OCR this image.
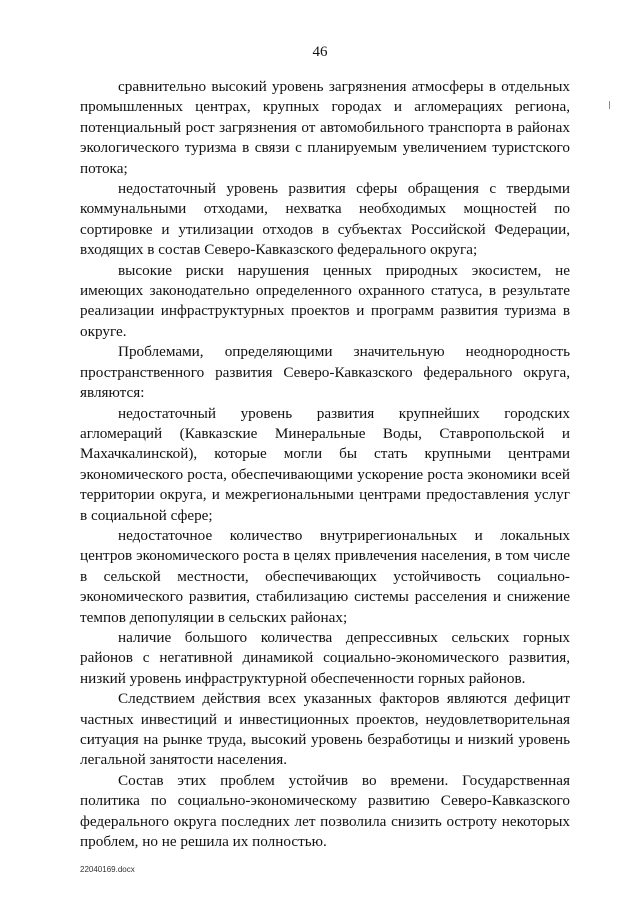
46

сравнительно высокий уровень загрязнения атмосферы в отдельных промышленных центрах, крупных городах и агломерациях региона, потенциальный рост загрязнения от автомобильного транспорта в районах экологического туризма в связи с планируемым увеличением туристского потока;

недостаточный уровень развития сферы обращения с твердыми коммунальными отходами, нехватка необходимых мощностей по сортировке и утилизации отходов в субъектах Российской Федерации, входящих в состав Северо-Кавказского федерального округа;

высокие риски нарушения ценных природных экосистем, не имеющих законодательно определенного охранного статуса, в результате реализации инфраструктурных проектов и программ развития туризма в округе.

Проблемами, определяющими значительную неоднородность пространственного развития Северо-Кавказского федерального округа, являются:

недостаточный уровень развития крупнейших городских агломераций (Кавказские Минеральные Воды, Ставропольской и Махачкалинской), которые могли бы стать крупными центрами экономического роста, обеспечивающими ускорение роста экономики всей территории округа, и межрегиональными центрами предоставления услуг в социальной сфере;

недостаточное количество внутрирегиональных и локальных центров экономического роста в целях привлечения населения, в том числе в сельской местности, обеспечивающих устойчивость социально-экономического развития, стабилизацию системы расселения и снижение темпов депопуляции в сельских районах;

наличие большого количества депрессивных сельских горных районов с негативной динамикой социально-экономического развития, низкий уровень инфраструктурной обеспеченности горных районов.

Следствием действия всех указанных факторов являются дефицит частных инвестиций и инвестиционных проектов, неудовлетворительная ситуация на рынке труда, высокий уровень безработицы и низкий уровень легальной занятости населения.

Состав этих проблем устойчив во времени. Государственная политика по социально-экономическому развитию Северо-Кавказского федерального округа последних лет позволила снизить остроту некоторых проблем, но не решила их полностью.

22040169.docx
